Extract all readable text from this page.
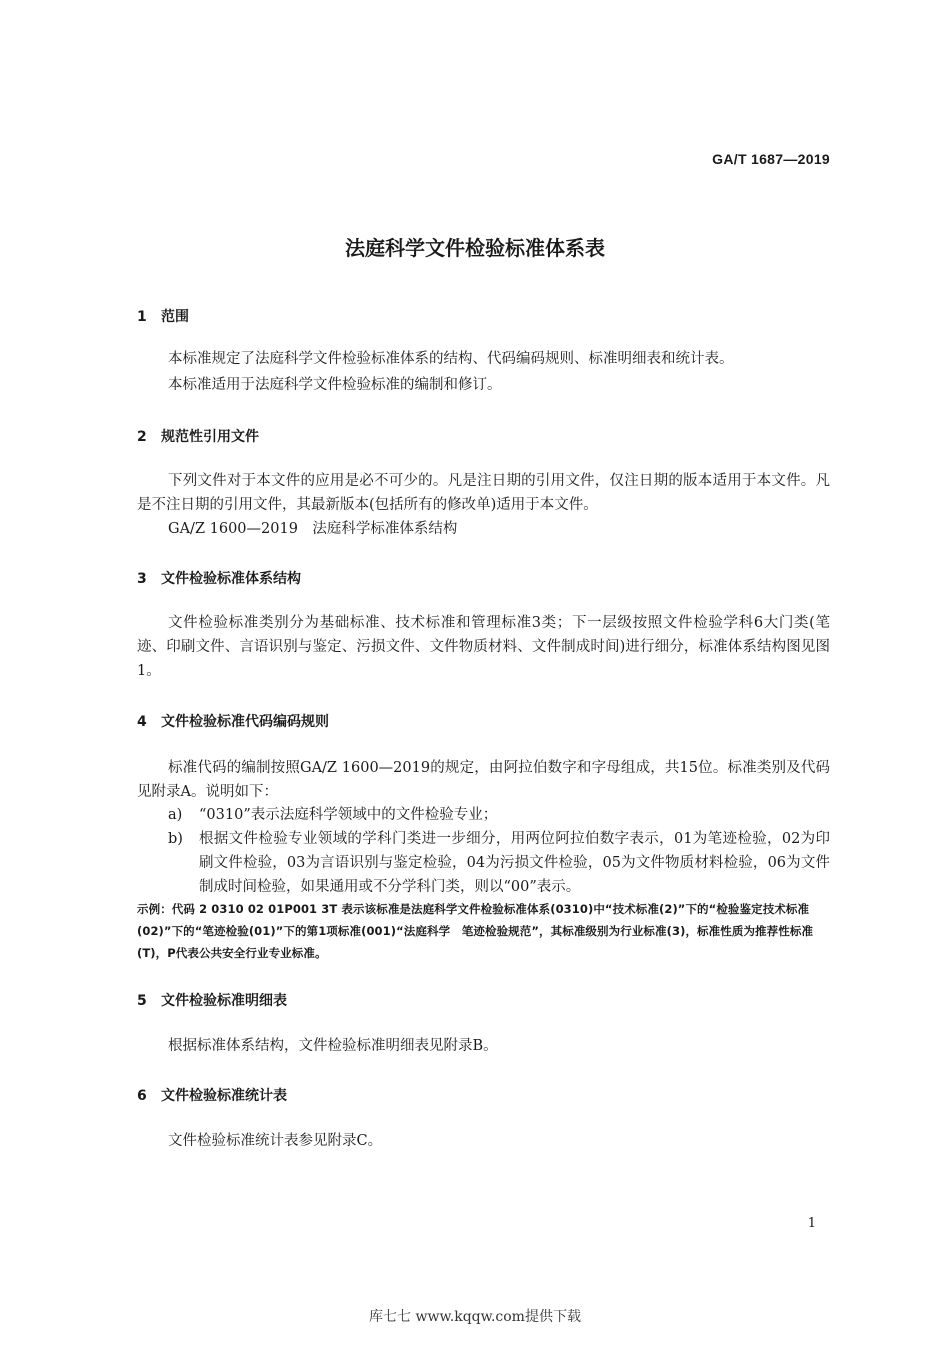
GA/T 1687—2019
法庭科学文件检验标准体系表
1 范围
本标准规定了法庭科学文件检验标准体系的结构、代码编码规则、标准明细表和统计表。
本标准适用于法庭科学文件检验标准的编制和修订。
2 规范性引用文件
下列文件对于本文件的应用是必不可少的。凡是注日期的引用文件，仅注日期的版本适用于本文件。凡是不注日期的引用文件，其最新版本(包括所有的修改单)适用于本文件。
GA/Z 1600—2019　法庭科学标准体系结构
3 文件检验标准体系结构
文件检验标准类别分为基础标准、技术标准和管理标准3类；下一层级按照文件检验学科6大门类(笔迹、印刷文件、言语识别与鉴定、污损文件、文件物质材料、文件制成时间)进行细分，标准体系结构图见图1。
4 文件检验标准代码编码规则
标准代码的编制按照GA/Z 1600—2019的规定，由阿拉伯数字和字母组成，共15位。标准类别及代码见附录A。说明如下：
a)	“0310”表示法庭科学领域中的文件检验专业；
b)	根据文件检验专业领域的学科门类进一步细分，用两位阿拉伯数字表示，01为笔迹检验，02为印刷文件检验，03为言语识别与鉴定检验，04为污损文件检验，05为文件物质材料检验，06为文件制成时间检验，如果通用或不分学科门类，则以“00”表示。
示例：代码 2 0310 02 01P001 3T 表示该标准是法庭科学文件检验标准体系(0310)中“技术标准(2)”下的“检验鉴定技术标准(02)”下的“笔迹检验(01)”下的第1项标准(001)“法庭科学　笔迹检验规范”，其标准级别为行业标准(3)，标准性质为推荐性标准(T)，P代表公共安全行业专业标准。
5 文件检验标准明细表
根据标准体系结构，文件检验标准明细表见附录B。
6 文件检验标准统计表
文件检验标准统计表参见附录C。
1
库七七 www.kqqw.com提供下载
